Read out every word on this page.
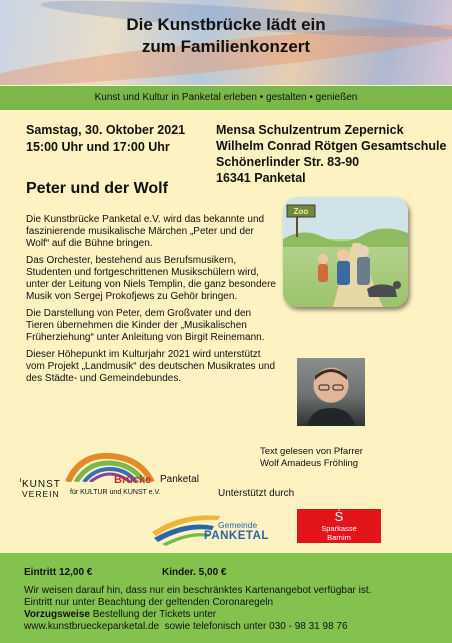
Die Kunstbrücke lädt ein
zum Familienkonzert
Kunst und Kultur in Panketal erleben • gestalten • genießen
Samstag, 30. Oktober 2021
15:00 Uhr und 17:00 Uhr
Mensa Schulzentrum Zepernick
Wilhelm Conrad Rötgen Gesamtschule
Schönerlinder Str. 83-90
16341 Panketal
Peter und der Wolf

Die Kunstbrücke Panketal e.V. wird das bekannte und faszinierende musikalische Märchen „Peter und der Wolf“ auf die Bühne bringen.

Das Orchester, bestehend aus Berufsmusikern, Studenten und fortgeschrittenen Musikschülern wird, unter der Leitung von Niels Templin, die ganz besondere Musik von Sergej Prokofjews zu Gehör bringen.

Die Darstellung von Peter, dem Großvater und den Tieren übernehmen die Kinder der „Musikalischen Früherziehung“ unter Anleitung von Birgit Reinemann.

Dieser Höhepunkt im Kulturjahr 2021 wird unterstützt vom Projekt „Landmusik“ des deutschen Musikrates und des Städte- und Gemeindebundes.

Zoo
Text gelesen von Pfarrer
Wolf Amadeus Fröhling
KUNST
VEREIN
Brücke Panketal
für KULTUR und KUNST e.V.	Unterstützt durch
Gemeinde
PANKETAL
Ṡ
Sparkasse
Barnim
Eintritt 12,00 €	Kinder. 5,00 €
Wir weisen darauf hin, dass nur ein beschränktes Kartenangebot verfügbar ist.
Eintritt nur unter Beachtung der geltenden Coronaregeln
Vorzugsweise Bestellung der Tickets unter
www.kunstbrueckepanketal.de sowie telefonisch unter 030 - 98 31 98 76
